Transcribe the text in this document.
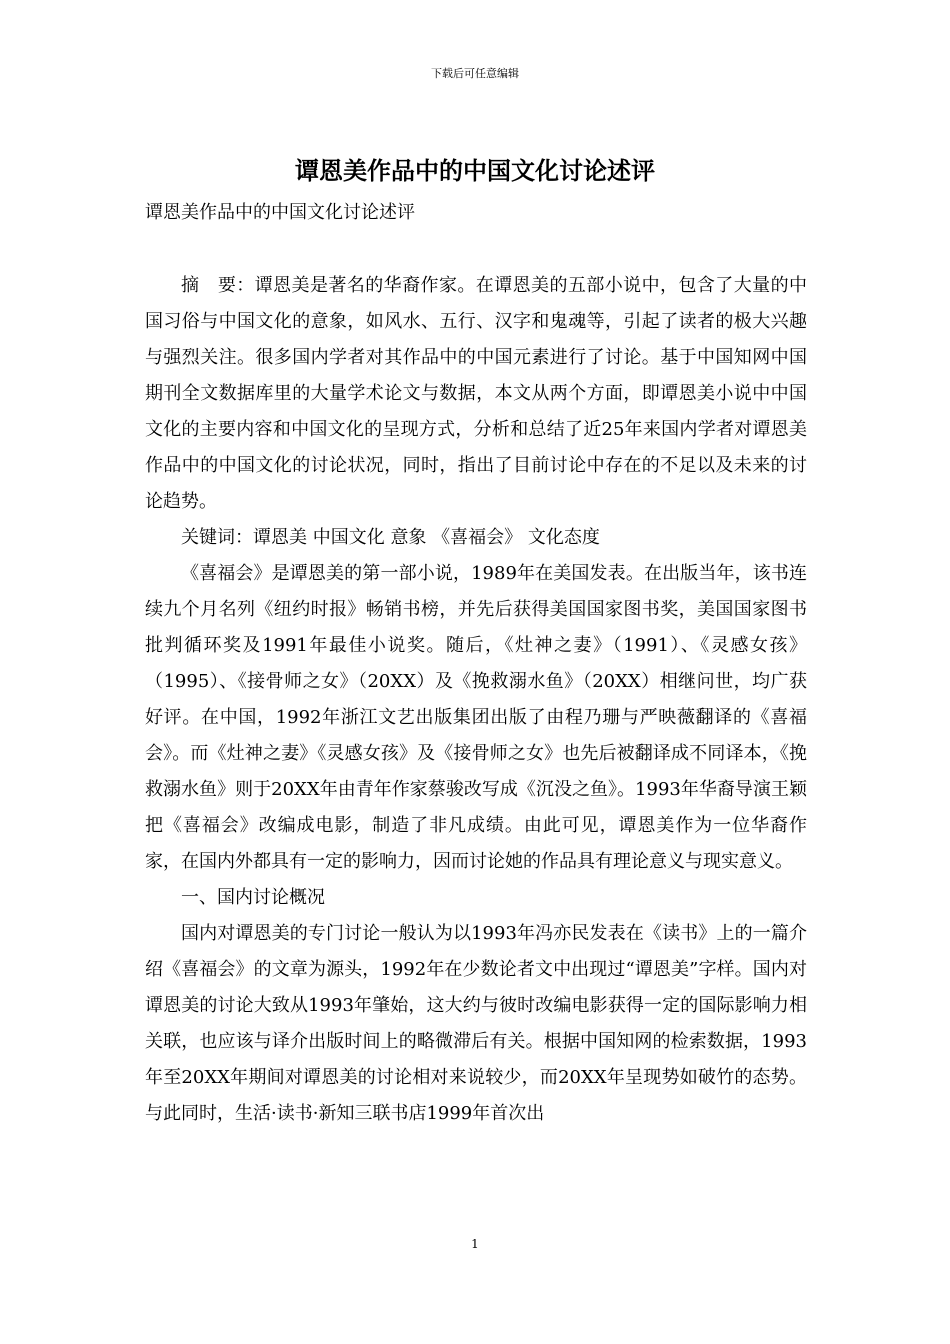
下载后可任意编辑
谭恩美作品中的中国文化讨论述评
谭恩美作品中的中国文化讨论述评

摘　要：谭恩美是著名的华裔作家。在谭恩美的五部小说中，包含了大量的中国习俗与中国文化的意象，如风水、五行、汉字和鬼魂等，引起了读者的极大兴趣与强烈关注。很多国内学者对其作品中的中国元素进行了讨论。基于中国知网中国期刊全文数据库里的大量学术论文与数据，本文从两个方面，即谭恩美小说中中国文化的主要内容和中国文化的呈现方式，分析和总结了近25年来国内学者对谭恩美作品中的中国文化的讨论状况，同时，指出了目前讨论中存在的不足以及未来的讨论趋势。

关键词：谭恩美 中国文化 意象 《喜福会》 文化态度

《喜福会》是谭恩美的第一部小说，1989年在美国发表。在出版当年，该书连续九个月名列《纽约时报》畅销书榜，并先后获得美国国家图书奖，美国国家图书批判循环奖及1991年最佳小说奖。随后，《灶神之妻》（1991）、《灵感女孩》（1995）、《接骨师之女》（20XX）及《挽救溺水鱼》（20XX）相继问世，均广获好评。在中国，1992年浙江文艺出版集团出版了由程乃珊与严映薇翻译的《喜福会》。而《灶神之妻》《灵感女孩》及《接骨师之女》也先后被翻译成不同译本，《挽救溺水鱼》则于20XX年由青年作家蔡骏改写成《沉没之鱼》。1993年华裔导演王颖把《喜福会》改编成电影，制造了非凡成绩。由此可见，谭恩美作为一位华裔作家，在国内外都具有一定的影响力，因而讨论她的作品具有理论意义与现实意义。

一、国内讨论概况

国内对谭恩美的专门讨论一般认为以1993年冯亦民发表在《读书》上的一篇介绍《喜福会》的文章为源头，1992年在少数论者文中出现过“谭恩美”字样。国内对谭恩美的讨论大致从1993年肇始，这大约与彼时改编电影获得一定的国际影响力相关联，也应该与译介出版时间上的略微滞后有关。根据中国知网的检索数据，1993年至20XX年期间对谭恩美的讨论相对来说较少，而20XX年呈现势如破竹的态势。与此同时，生活·读书·新知三联书店1999年首次出

1
